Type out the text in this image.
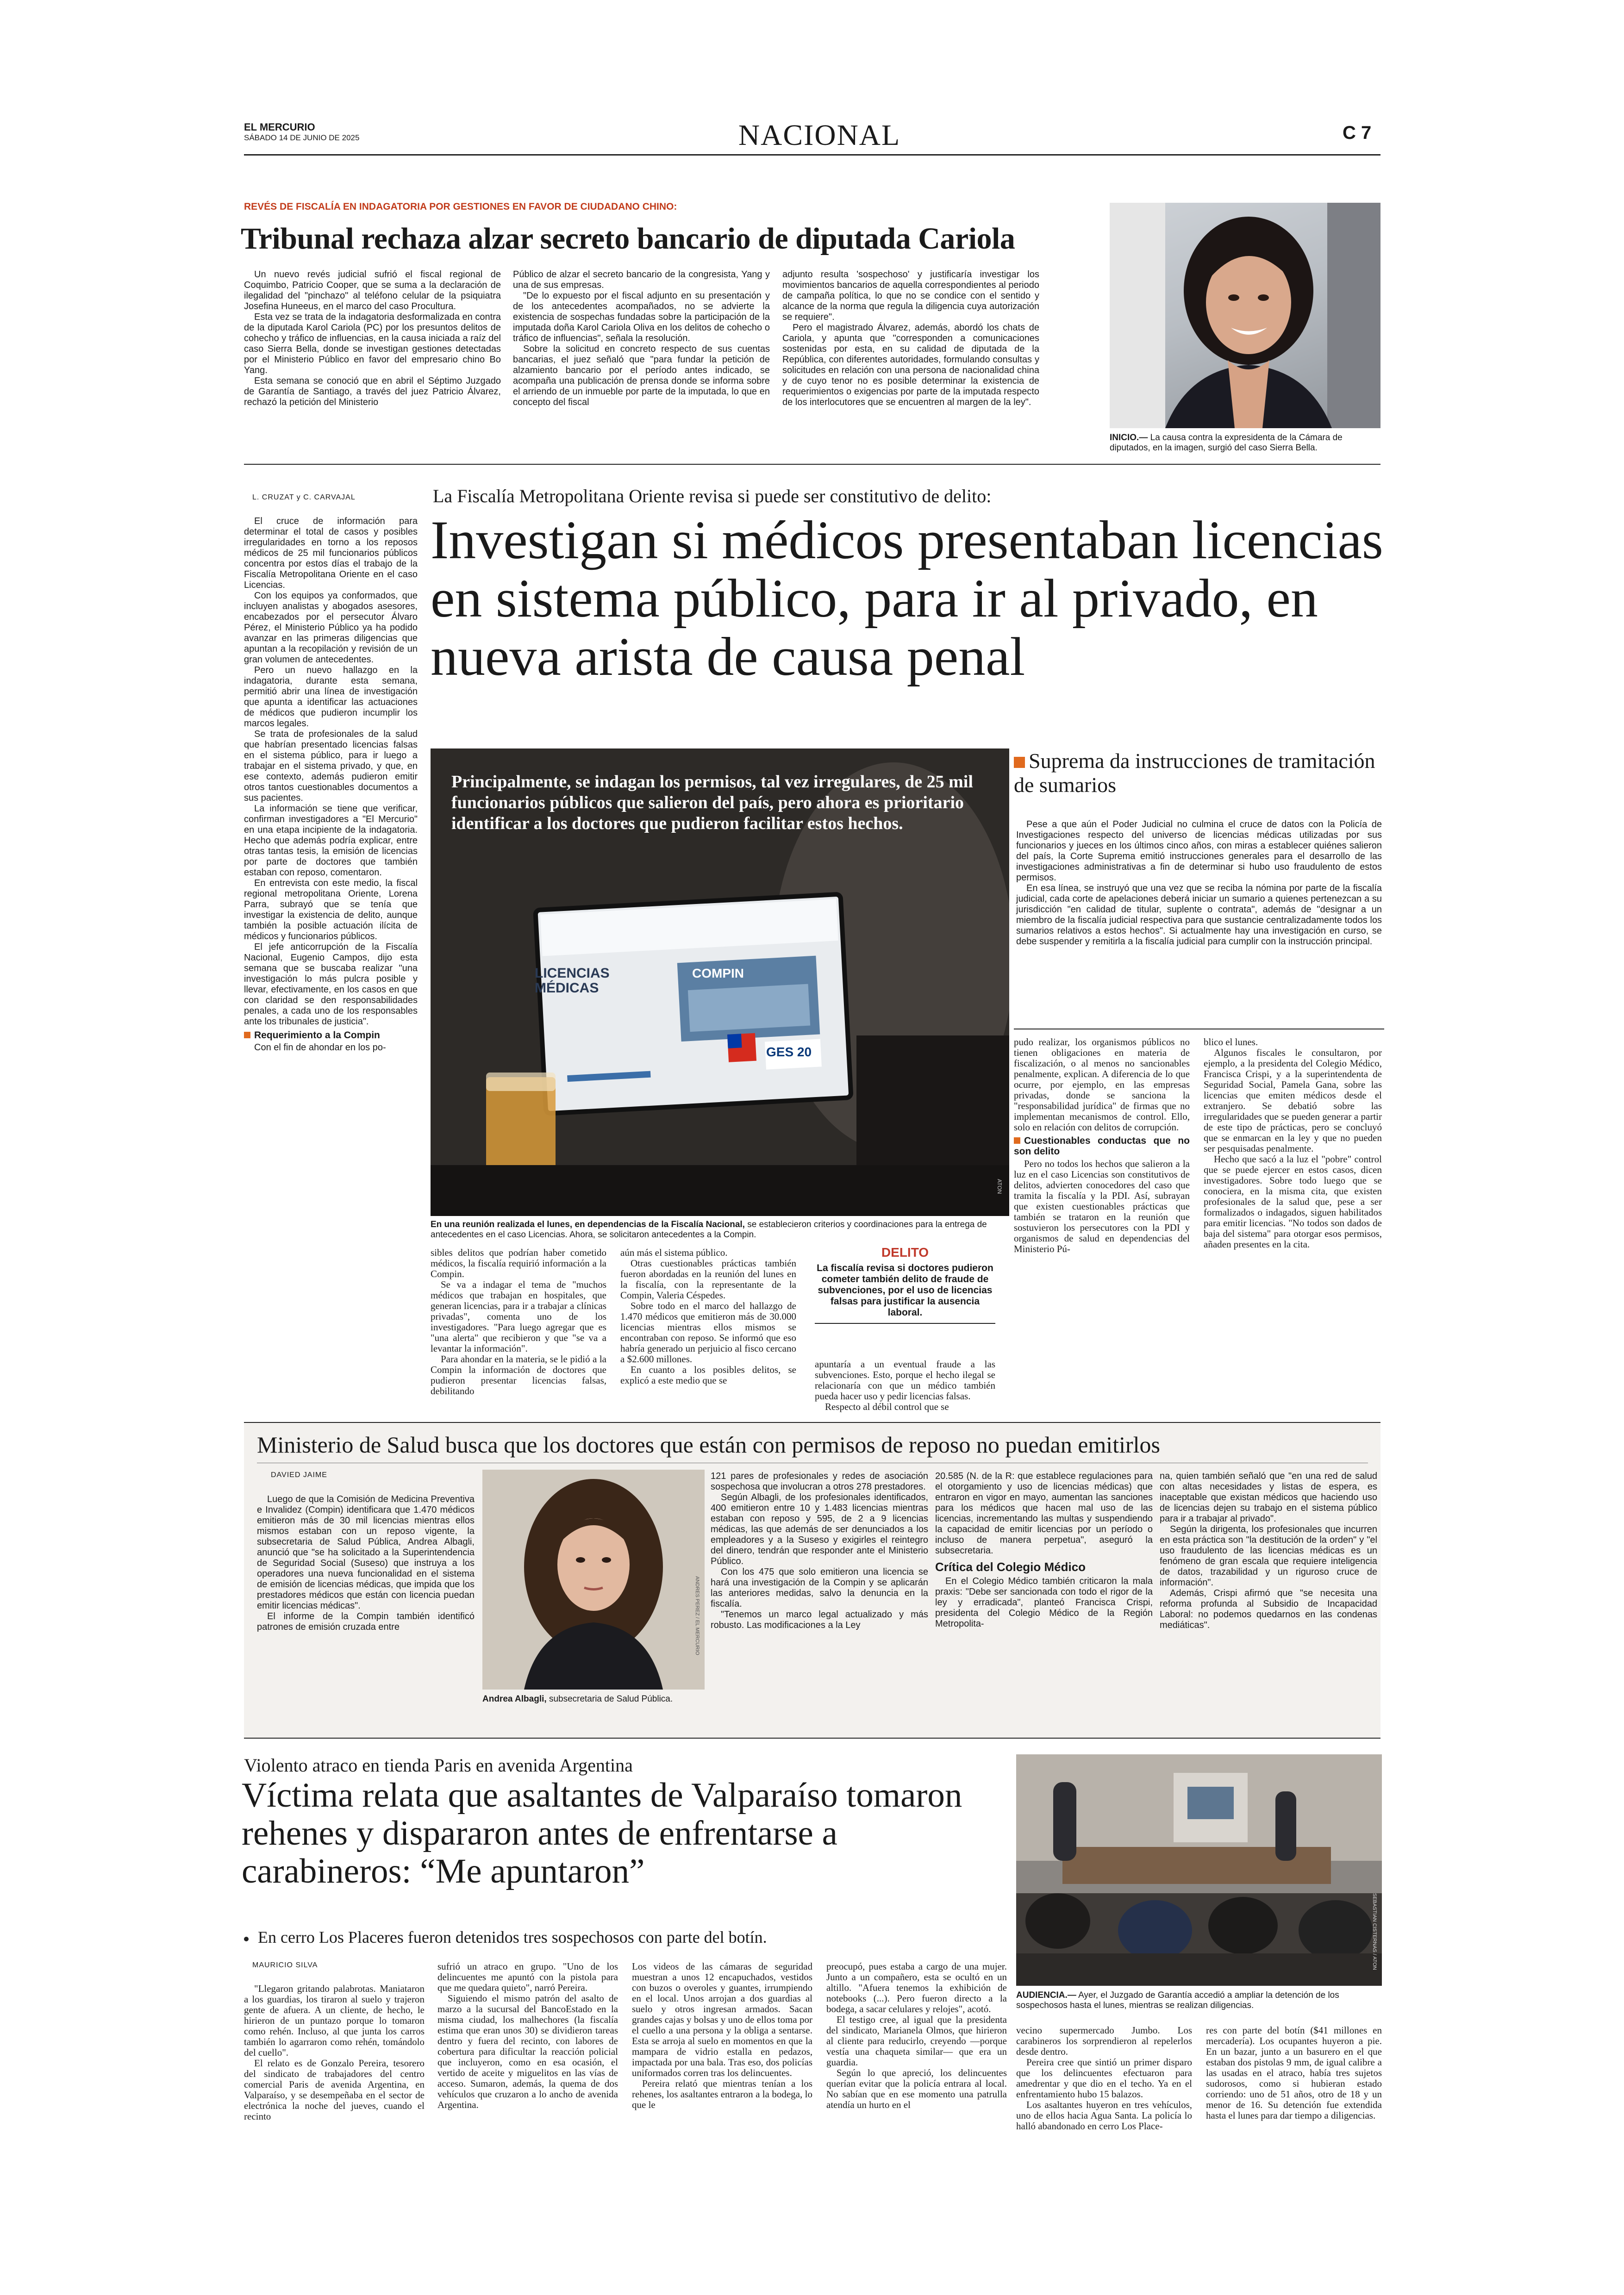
EL MERCURIO
SÁBADO 14 DE JUNIO DE 2025	NACIONAL	C 7
REVÉS DE FISCALÍA EN INDAGATORIA POR GESTIONES EN FAVOR DE CIUDADANO CHINO:
Tribunal rechaza alzar secreto bancario de diputada Cariola

Un nuevo revés judicial sufrió el fiscal regional de Coquimbo, Patricio Cooper, que se suma a la declaración de ilegalidad del "pinchazo" al teléfono celular de la psiquiatra Josefina Huneeus, en el marco del caso Procultura.

Esta vez se trata de la indagatoria desformalizada en contra de la diputada Karol Cariola (PC) por los presuntos delitos de cohecho y tráfico de influencias, en la causa iniciada a raíz del caso Sierra Bella, donde se investigan gestiones detectadas por el Ministerio Público en favor del empresario chino Bo Yang.

Esta semana se conoció que en abril el Séptimo Juzgado de Garantía de Santiago, a través del juez Patricio Álvarez, rechazó la petición del Ministerio

Público de alzar el secreto bancario de la congresista, Yang y una de sus empresas.

"De lo expuesto por el fiscal adjunto en su presentación y de los antecedentes acompañados, no se advierte la existencia de sospechas fundadas sobre la participación de la imputada doña Karol Cariola Oliva en los delitos de cohecho o tráfico de influencias", señala la resolución.

Sobre la solicitud en concreto respecto de sus cuentas bancarias, el juez señaló que "para fundar la petición de alzamiento bancario por el período antes indicado, se acompaña una publicación de prensa donde se informa sobre el arriendo de un inmueble por parte de la imputada, lo que en concepto del fiscal

adjunto resulta 'sospechoso' y justificaría investigar los movimientos bancarios de aquella correspondientes al periodo de campaña política, lo que no se condice con el sentido y alcance de la norma que regula la diligencia cuya autorización se requiere".

Pero el magistrado Álvarez, además, abordó los chats de Cariola, y apunta que "corresponden a comunicaciones sostenidas por esta, en su calidad de diputada de la República, con diferentes autoridades, formulando consultas y solicitudes en relación con una persona de nacionalidad china y de cuyo tenor no es posible determinar la existencia de requerimientos o exigencias por parte de la imputada respecto de los interlocutores que se encuentren al margen de la ley".

INICIO.— La causa contra la expresidenta de la Cámara de diputados, en la imagen, surgió del caso Sierra Bella.
L. CRUZAT y C. CARVAJAL

El cruce de información para determinar el total de casos y posibles irregularidades en torno a los reposos médicos de 25 mil funcionarios públicos concentra por estos días el trabajo de la Fiscalía Metropolitana Oriente en el caso Licencias.

Con los equipos ya conformados, que incluyen analistas y abogados asesores, encabezados por el persecutor Álvaro Pérez, el Ministerio Público ya ha podido avanzar en las primeras diligencias que apuntan a la recopilación y revisión de un gran volumen de antecedentes.

Pero un nuevo hallazgo en la indagatoria, durante esta semana, permitió abrir una línea de investigación que apunta a identificar las actuaciones de médicos que pudieron incumplir los marcos legales.

Se trata de profesionales de la salud que habrían presentado licencias falsas en el sistema público, para ir luego a trabajar en el sistema privado, y que, en ese contexto, además pudieron emitir otros tantos cuestionables documentos a sus pacientes.

La información se tiene que verificar, confirman investigadores a "El Mercurio" en una etapa incipiente de la indagatoria. Hecho que además podría explicar, entre otras tantas tesis, la emisión de licencias por parte de doctores que también estaban con reposo, comentaron.

En entrevista con este medio, la fiscal regional metropolitana Oriente, Lorena Parra, subrayó que se tenía que investigar la existencia de delito, aunque también la posible actuación ilícita de médicos y funcionarios públicos.

El jefe anticorrupción de la Fiscalía Nacional, Eugenio Campos, dijo esta semana que se buscaba realizar "una investigación lo más pulcra posible y llevar, efectivamente, en los casos en que con claridad se den responsabilidades penales, a cada uno de los responsables ante los tribunales de justicia".

Requerimiento a la Compin

Con el fin de ahondar en los po-

La Fiscalía Metropolitana Oriente revisa si puede ser constitutivo de delito:
Investigan si médicos presentaban licencias en sistema público, para ir al privado, en nueva arista de causa penal
Principalmente, se indagan los permisos, tal vez irregulares, de 25 mil funcionarios públicos que salieron del país, pero ahora es prioritario identificar a los doctores que pudieron facilitar estos hechos.
LICENCIAS MÉDICAS
COMPIN
GES 20
ATON
En una reunión realizada el lunes, en dependencias de la Fiscalía Nacional, se establecieron criterios y coordinaciones para la entrega de antecedentes en el caso Licencias. Ahora, se solicitaron antecedentes a la Compin.
Suprema da instrucciones de tramitación de sumarios

Pese a que aún el Poder Judicial no culmina el cruce de datos con la Policía de Investigaciones respecto del universo de licencias médicas utilizadas por sus funcionarios y jueces en los últimos cinco años, con miras a establecer quiénes salieron del país, la Corte Suprema emitió instrucciones generales para el desarrollo de las investigaciones administrativas a fin de determinar si hubo uso fraudulento de estos permisos.

En esa línea, se instruyó que una vez que se reciba la nómina por parte de la fiscalía judicial, cada corte de apelaciones deberá iniciar un sumario a quienes pertenezcan a su jurisdicción "en calidad de titular, suplente o contrata", además de "designar a un miembro de la fiscalía judicial respectiva para que sustancie centralizadamente todos los sumarios relativos a estos hechos". Si actualmente hay una investigación en curso, se debe suspender y remitirla a la fiscalía judicial para cumplir con la instrucción principal.

sibles delitos que podrían haber cometido médicos, la fiscalía requirió información a la Compin.

Se va a indagar el tema de "muchos médicos que trabajan en hospitales, que generan licencias, para ir a trabajar a clínicas privadas", comenta uno de los investigadores. "Para luego agregar que es "una alerta" que recibieron y que "se va a levantar la información".

Para ahondar en la materia, se le pidió a la Compin la información de doctores que pudieron presentar licencias falsas, debilitando

aún más el sistema público.

Otras cuestionables prácticas también fueron abordadas en la reunión del lunes en la fiscalía, con la representante de la Compin, Valeria Céspedes.

Sobre todo en el marco del hallazgo de 1.470 médicos que emitieron más de 30.000 licencias mientras ellos mismos se encontraban con reposo. Se informó que eso habría generado un perjuicio al fisco cercano a $2.600 millones.

En cuanto a los posibles delitos, se explicó a este medio que se

DELITO
La fiscalía revisa si doctores pudieron cometer también delito de fraude de subvenciones, por el uso de licencias falsas para justificar la ausencia laboral.

apuntaría a un eventual fraude a las subvenciones. Esto, porque el hecho ilegal se relacionaría con que un médico también pueda hacer uso y pedir licencias falsas.

Respecto al débil control que se

pudo realizar, los organismos públicos no tienen obligaciones en materia de fiscalización, o al menos no sancionables penalmente, explican. A diferencia de lo que ocurre, por ejemplo, en las empresas privadas, donde se sanciona la "responsabilidad jurídica" de firmas que no implementan mecanismos de control. Ello, solo en relación con delitos de corrupción.

Cuestionables conductas que no son delito

Pero no todos los hechos que salieron a la luz en el caso Licencias son constitutivos de delitos, advierten conocedores del caso que tramita la fiscalía y la PDI. Así, subrayan que existen cuestionables prácticas que también se trataron en la reunión que sostuvieron los persecutores con la PDI y organismos de salud en dependencias del Ministerio Pú-

blico el lunes.

Algunos fiscales le consultaron, por ejemplo, a la presidenta del Colegio Médico, Francisca Crispi, y a la superintendenta de Seguridad Social, Pamela Gana, sobre las licencias que emiten médicos desde el extranjero. Se debatió sobre las irregularidades que se pueden generar a partir de este tipo de prácticas, pero se concluyó que se enmarcan en la ley y que no pueden ser pesquisadas penalmente.

Hecho que sacó a la luz el "pobre" control que se puede ejercer en estos casos, dicen investigadores. Sobre todo luego que se conociera, en la misma cita, que existen profesionales de la salud que, pese a ser formalizados o indagados, siguen habilitados para emitir licencias. "No todos son dados de baja del sistema" para otorgar esos permisos, añaden presentes en la cita.

Ministerio de Salud busca que los doctores que están con permisos de reposo no puedan emitirlos
DAVIED JAIME

Luego de que la Comisión de Medicina Preventiva e Invalidez (Compin) identificara que 1.470 médicos emitieron más de 30 mil licencias mientras ellos mismos estaban con un reposo vigente, la subsecretaria de Salud Pública, Andrea Albagli, anunció que "se ha solicitado a la Superintendencia de Seguridad Social (Suseso) que instruya a los operadores una nueva funcionalidad en el sistema de emisión de licencias médicas, que impida que los prestadores médicos que están con licencia puedan emitir licencias médicas".

El informe de la Compin también identificó patrones de emisión cruzada entre	ANDRES PEREZ / EL MERCURIO
Andrea Albagli, subsecretaria de Salud Pública.

121 pares de profesionales y redes de asociación sospechosa que involucran a otros 278 prestadores.

Según Albagli, de los profesionales identificados, 400 emitieron entre 10 y 1.483 licencias mientras estaban con reposo y 595, de 2 a 9 licencias médicas, las que además de ser denunciados a los empleadores y a la Suseso y exigirles el reintegro del dinero, tendrán que responder ante el Ministerio Público.

Con los 475 que solo emitieron una licencia se hará una investigación de la Compin y se aplicarán las anteriores medidas, salvo la denuncia en la fiscalía.

"Tenemos un marco legal actualizado y más robusto. Las modificaciones a la Ley

20.585 (N. de la R: que establece regulaciones para el otorgamiento y uso de licencias médicas) que entraron en vigor en mayo, aumentan las sanciones para los médicos que hacen mal uso de las licencias, incrementando las multas y suspendiendo la capacidad de emitir licencias por un período o incluso de manera perpetua", aseguró la subsecretaria.

Crítica del Colegio Médico

En el Colegio Médico también criticaron la mala praxis: "Debe ser sancionada con todo el rigor de la ley y erradicada", planteó Francisca Crispi, presidenta del Colegio Médico de la Región Metropolita-

na, quien también señaló que "en una red de salud con altas necesidades y listas de espera, es inaceptable que existan médicos que haciendo uso de licencias dejen su trabajo en el sistema público para ir a trabajar al privado".

Según la dirigenta, los profesionales que incurren en esta práctica son "la destitución de la orden" y "el uso fraudulento de las licencias médicas es un fenómeno de gran escala que requiere inteligencia de datos, trazabilidad y un riguroso cruce de información".

Además, Crispi afirmó que "se necesita una reforma profunda al Subsidio de Incapacidad Laboral: no podemos quedarnos en las condenas mediáticas".

Violento atraco en tienda Paris en avenida Argentina
Víctima relata que asaltantes de Valparaíso tomaron rehenes y dispararon antes de enfrentarse a carabineros: “Me apuntaron”
En cerro Los Placeres fueron detenidos tres sospechosos con parte del botín.
MAURICIO SILVA

"Llegaron gritando palabrotas. Maniataron a los guardias, los tiraron al suelo y trajeron gente de afuera. A un cliente, de hecho, le hirieron de un puntazo porque lo tomaron como rehén. Incluso, al que junta los carros también lo agarraron como rehén, tomándolo del cuello".

El relato es de Gonzalo Pereira, tesorero del sindicato de trabajadores del centro comercial Paris de avenida Argentina, en Valparaíso, y se desempeñaba en el sector de electrónica la noche del jueves, cuando el recinto

sufrió un atraco en grupo. "Uno de los delincuentes me apuntó con la pistola para que me quedara quieto", narró Pereira.

Siguiendo el mismo patrón del asalto de marzo a la sucursal del BancoEstado en la misma ciudad, los malhechores (la fiscalía estima que eran unos 30) se dividieron tareas dentro y fuera del recinto, con labores de cobertura para dificultar la reacción policial que incluyeron, como en esa ocasión, el vertido de aceite y miguelitos en las vías de acceso. Sumaron, además, la quema de dos vehículos que cruzaron a lo ancho de avenida Argentina.

Los videos de las cámaras de seguridad muestran a unos 12 encapuchados, vestidos con buzos o overoles y guantes, irrumpiendo en el local. Unos arrojan a dos guardias al suelo y otros ingresan armados. Sacan grandes cajas y bolsas y uno de ellos toma por el cuello a una persona y la obliga a sentarse. Esta se arroja al suelo en momentos en que la mampara de vidrio estalla en pedazos, impactada por una bala. Tras eso, dos policías uniformados corren tras los delincuentes.

Pereira relató que mientras tenían a los rehenes, los asaltantes entraron a la bodega, lo que le

preocupó, pues estaba a cargo de una mujer. Junto a un compañero, esta se ocultó en un altillo. "Afuera tenemos la exhibición de notebooks (...). Pero fueron directo a la bodega, a sacar celulares y relojes", acotó.

El testigo cree, al igual que la presidenta del sindicato, Marianela Olmos, que hirieron al cliente para reducirlo, creyendo —porque vestía una chaqueta similar— que era un guardia.

Según lo que apreció, los delincuentes querían evitar que la policía entrara al local. No sabían que en ese momento una patrulla atendía un hurto en el

SEBASTIAN CISTERNAS / ATON
AUDIENCIA.— Ayer, el Juzgado de Garantía accedió a ampliar la detención de los sospechosos hasta el lunes, mientras se realizan diligencias.

vecino supermercado Jumbo. Los carabineros los sorprendieron al repelerlos desde dentro.

Pereira cree que sintió un primer disparo que los delincuentes efectuaron para amedrentar y que dio en el techo. Ya en el enfrentamiento hubo 15 balazos.

Los asaltantes huyeron en tres vehículos, uno de ellos hacia Agua Santa. La policía lo halló abandonado en cerro Los Place-

res con parte del botín ($41 millones en mercadería). Los ocupantes huyeron a pie. En un bazar, junto a un basurero en el que estaban dos pistolas 9 mm, de igual calibre a las usadas en el atraco, había tres sujetos sudorosos, como si hubieran estado corriendo: uno de 51 años, otro de 18 y un menor de 16. Su detención fue extendida hasta el lunes para dar tiempo a diligencias.
